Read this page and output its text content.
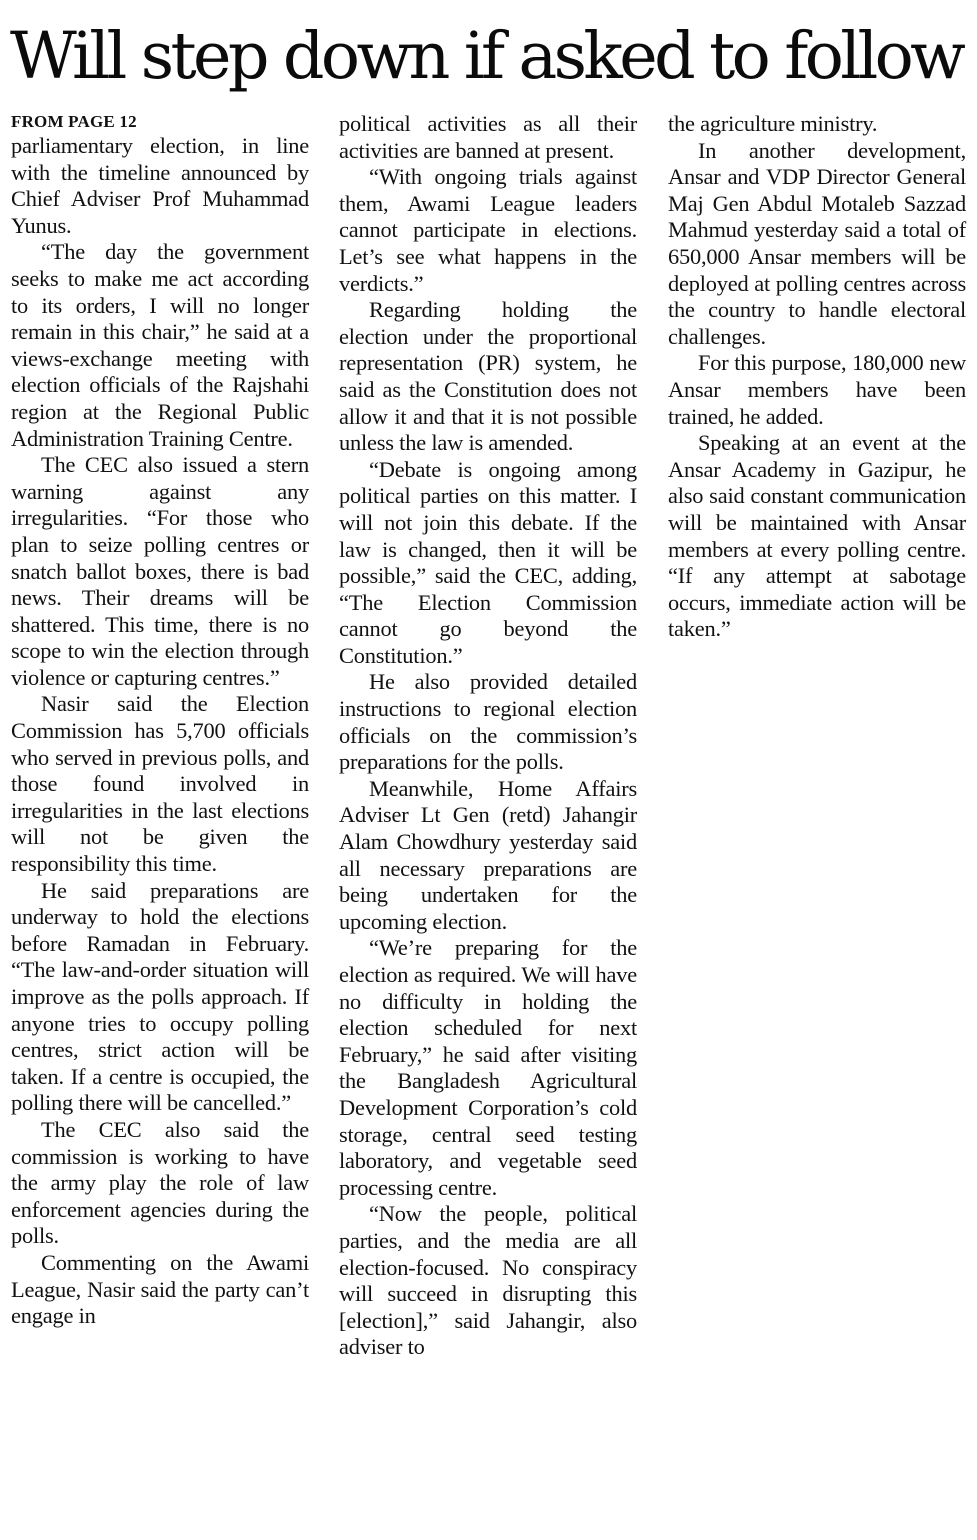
Will step down if asked to follow

FROM PAGE 12

parliamentary election, in line with the timeline announced by Chief Adviser Prof Muhammad Yunus.

“The day the government seeks to make me act according to its orders, I will no longer remain in this chair,” he said at a views-exchange meeting with election officials of the Rajshahi region at the Regional Public Administration Training Centre.

The CEC also issued a stern warning against any irregularities. “For those who plan to seize polling centres or snatch ballot boxes, there is bad news. Their dreams will be shattered. This time, there is no scope to win the election through violence or capturing centres.”

Nasir said the Election Commission has 5,700 officials who served in previous polls, and those found involved in irregularities in the last elections will not be given the responsibility this time.

He said preparations are underway to hold the elections before Ramadan in February. “The law-and-order situation will improve as the polls approach. If anyone tries to occupy polling centres, strict action will be taken. If a centre is occupied, the polling there will be cancelled.”

The CEC also said the commission is working to have the army play the role of law enforcement agencies during the polls.

Commenting on the Awami League, Nasir said the party can’t engage in

political activities as all their activities are banned at present.

“With ongoing trials against them, Awami League leaders cannot participate in elections. Let’s see what happens in the verdicts.”

Regarding holding the election under the proportional representation (PR) system, he said as the Constitution does not allow it and that it is not possible unless the law is amended.

“Debate is ongoing among political parties on this matter. I will not join this debate. If the law is changed, then it will be possible,” said the CEC, adding, “The Election Commission cannot go beyond the Constitution.”

He also provided detailed instructions to regional election officials on the commission’s preparations for the polls.

Meanwhile, Home Affairs Adviser Lt Gen (retd) Jahangir Alam Chowdhury yesterday said all necessary preparations are being undertaken for the upcoming election.

“We’re preparing for the election as required. We will have no difficulty in holding the election scheduled for next February,” he said after visiting the Bangladesh Agricultural Development Corporation’s cold storage, central seed testing laboratory, and vegetable seed processing centre.

“Now the people, political parties, and the media are all election-focused. No conspiracy will succeed in disrupting this [election],” said Jahangir, also adviser to

the agriculture ministry.

In another development, Ansar and VDP Director General Maj Gen Abdul Motaleb Sazzad Mahmud yesterday said a total of 650,000 Ansar members will be deployed at polling centres across the country to handle electoral challenges.

For this purpose, 180,000 new Ansar members have been trained, he added.

Speaking at an event at the Ansar Academy in Gazipur, he also said constant communication will be maintained with Ansar members at every polling centre. “If any attempt at sabotage occurs, immediate action will be taken.”
